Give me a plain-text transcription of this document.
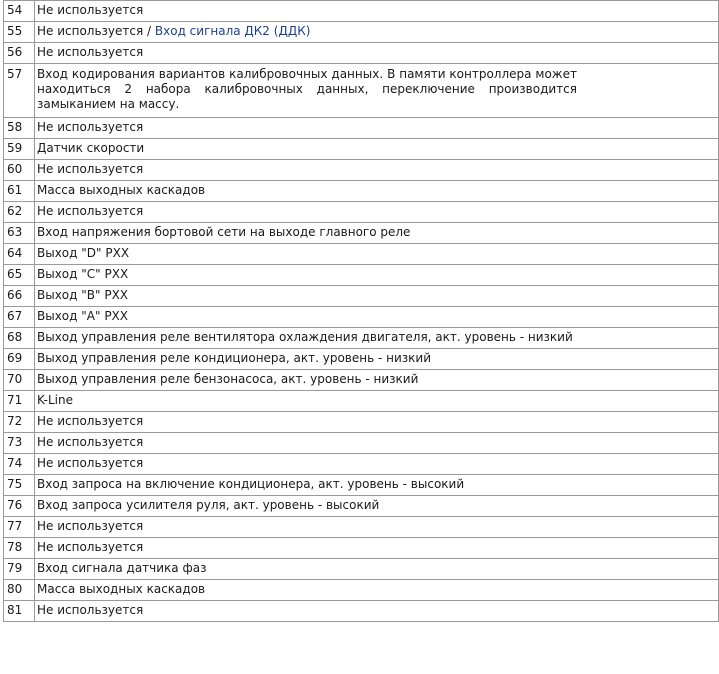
54	Не используется
55	Не используется / Вход сигнала ДК2 (ДДК)
56	Не используется
57	Вход кодирования вариантов калибровочных данных. В памяти контроллера может находиться 2 набора калибровочных данных, переключение производится замыканием на массу.

58	Не используется
59	Датчик скорости
60	Не используется
61	Масса выходных каскадов
62	Не используется
63	Вход напряжения бортовой сети на выходе главного реле
64	Выход "D" РХХ
65	Выход "C" РХХ
66	Выход "B" РХХ
67	Выход "A" РХХ
68	Выход управления реле вентилятора охлаждения двигателя, акт. уровень - низкий
69	Выход управления реле кондиционера, акт. уровень - низкий
70	Выход управления реле бензонасоса, акт. уровень - низкий
71	K-Line
72	Не используется
73	Не используется
74	Не используется
75	Вход запроса на включение кондиционера, акт. уровень - высокий
76	Вход запроса усилителя руля, акт. уровень - высокий
77	Не используется
78	Не используется
79	Вход сигнала датчика фаз
80	Масса выходных каскадов
81	Не используется
